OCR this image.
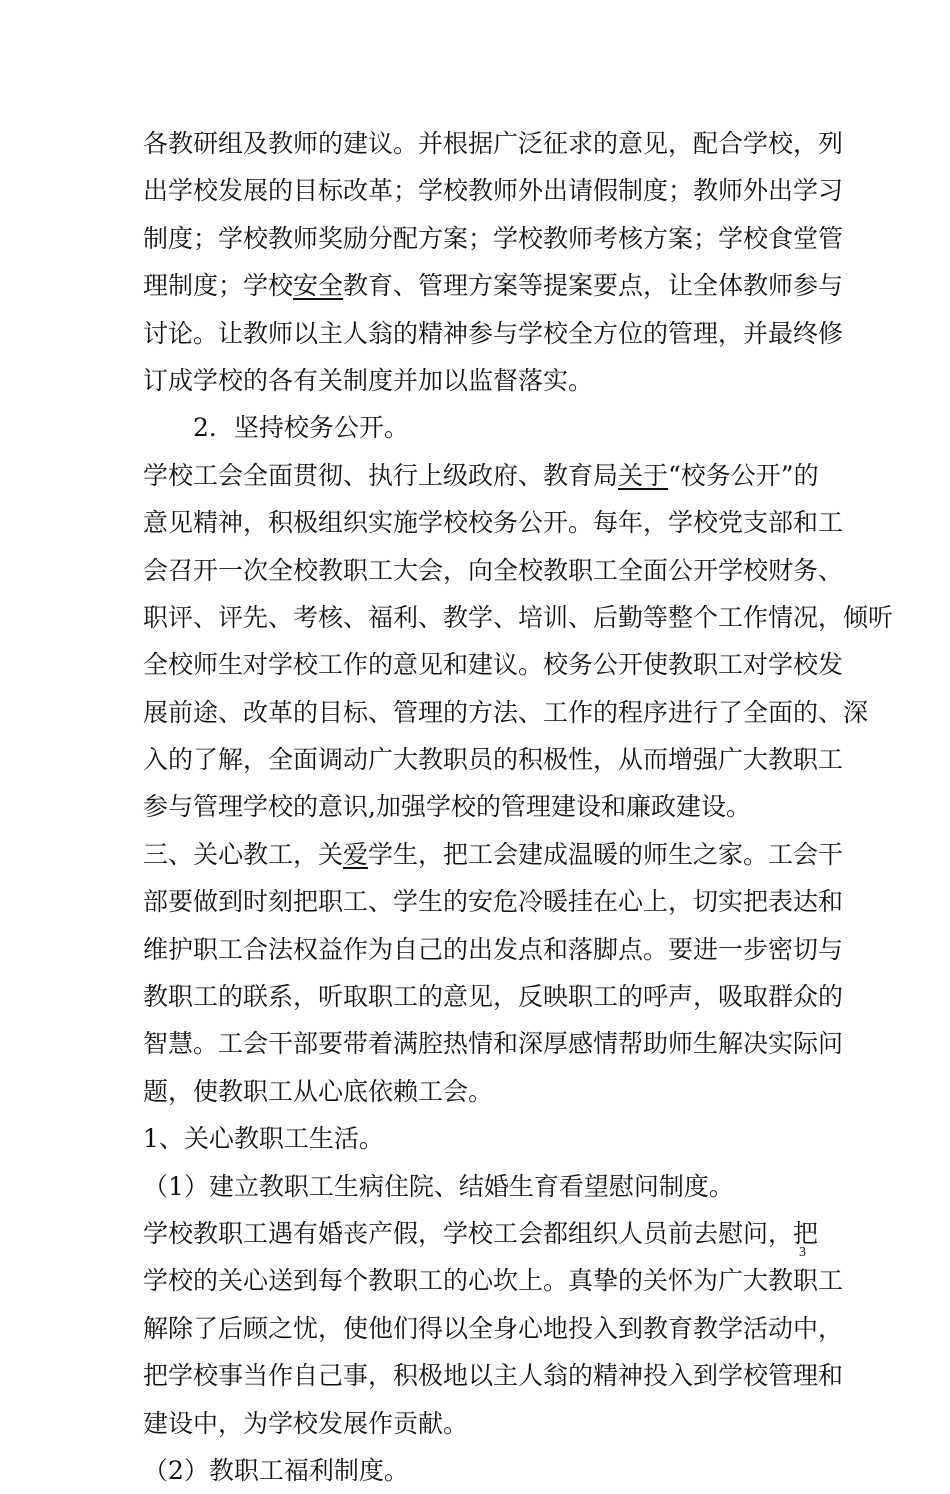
各教研组及教师的建议。并根据广泛征求的意见，配合学校，列
出学校发展的目标改革；学校教师外出请假制度；教师外出学习
制度；学校教师奖励分配方案；学校教师考核方案；学校食堂管
理制度；学校安全教育、管理方案等提案要点，让全体教师参与
讨论。让教师以主人翁的精神参与学校全方位的管理，并最终修
订成学校的各有关制度并加以监督落实。
　　2．坚持校务公开。
学校工会全面贯彻、执行上级政府、教育局关于“校务公开”的
意见精神，积极组织实施学校校务公开。每年，学校党支部和工
会召开一次全校教职工大会，向全校教职工全面公开学校财务、
职评、评先、考核、福利、教学、培训、后勤等整个工作情况，倾听
全校师生对学校工作的意见和建议。校务公开使教职工对学校发
展前途、改革的目标、管理的方法、工作的程序进行了全面的、深
入的了解，全面调动广大教职员的积极性，从而增强广大教职工
参与管理学校的意识,加强学校的管理建设和廉政建设。
三、关心教工，关爱学生，把工会建成温暖的师生之家。工会干
部要做到时刻把职工、学生的安危冷暖挂在心上，切实把表达和
维护职工合法权益作为自己的出发点和落脚点。要进一步密切与
教职工的联系，听取职工的意见，反映职工的呼声，吸取群众的
智慧。工会干部要带着满腔热情和深厚感情帮助师生解决实际问
题，使教职工从心底依赖工会。
1、关心教职工生活。
（1）建立教职工生病住院、结婚生育看望慰问制度。
学校教职工遇有婚丧产假，学校工会都组织人员前去慰问，把
学校的关心送到每个教职工的心坎上。真挚的关怀为广大教职工
解除了后顾之忧，使他们得以全身心地投入到教育教学活动中，
把学校事当作自己事，积极地以主人翁的精神投入到学校管理和
建设中，为学校发展作贡献。
（2）教职工福利制度。
3
